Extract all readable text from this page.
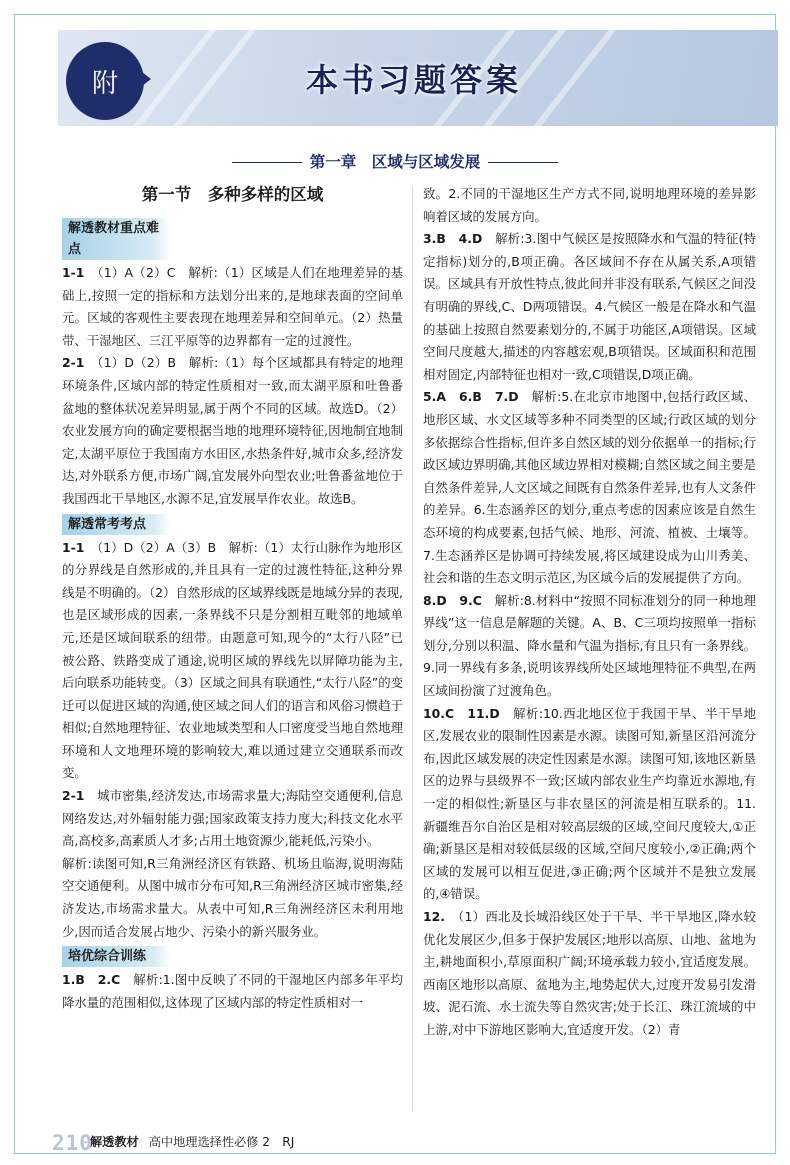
附	本书习题答案
第一章　区域与区域发展
第一节　多种多样的区域
解透教材重点难点
1-1　 （1）A（2）C　 解析:（1）区域是人们在地理差异的基础上,按照一定的指标和方法划分出来的,是地球表面的空间单元。区域的客观性主要表现在地理差异和空间单元。（2）热量带、干湿地区、三江平原等的边界都有一定的过渡性。
2-1　 （1）D（2）B　 解析:（1）每个区域都具有特定的地理环境条件,区域内部的特定性质相对一致,而太湖平原和吐鲁番盆地的整体状况差异明显,属于两个不同的区域。故选D。（2）农业发展方向的确定要根据当地的地理环境特征,因地制宜地制定,太湖平原位于我国南方水田区,水热条件好,城市众多,经济发达,对外联系方便,市场广阔,宜发展外向型农业;吐鲁番盆地位于我国西北干旱地区,水源不足,宜发展旱作农业。故选B。
解透常考考点
1-1　 （1）D（2）A（3）B　 解析:（1）太行山脉作为地形区的分界线是自然形成的,并且具有一定的过渡性特征,这种分界线是不明确的。（2）自然形成的区域界线既是地域分异的表现,也是区域形成的因素,一条界线不只是分割相互毗邻的地域单元,还是区域间联系的纽带。由题意可知,现今的“太行八陉”已被公路、铁路变成了通途,说明区域的界线先以屏障功能为主,后向联系功能转变。（3）区域之间具有联通性,“太行八陉”的变迁可以促进区域的沟通,使区域之间人们的语言和风俗习惯趋于相似;自然地理特征、农业地域类型和人口密度受当地自然地理环境和人文地理环境的影响较大,难以通过建立交通联系而改变。
2-1　 城市密集,经济发达,市场需求量大;海陆空交通便利,信息网络发达,对外辐射能力强;国家政策支持力度大;科技文化水平高,高校多,高素质人才多;占用土地资源少,能耗低,污染小。
解析:读图可知,R三角洲经济区有铁路、机场且临海,说明海陆空交通便利。从图中城市分布可知,R三角洲经济区城市密集,经济发达,市场需求量大。从表中可知,R三角洲经济区未利用地少,因而适合发展占地少、污染小的新兴服务业。
培优综合训练
1.B　2.C　 解析:1.图中反映了不同的干湿地区内部多年平均降水量的范围相似,这体现了区域内部的特定性质相对一
致。2.不同的干湿地区生产方式不同,说明地理环境的差异影响着区域的发展方向。
3.B　4.D　 解析:3.图中气候区是按照降水和气温的特征(特定指标)划分的,B项正确。各区域间不存在从属关系,A项错误。区域具有开放性特点,彼此间并非没有联系,气候区之间没有明确的界线,C、D两项错误。4.气候区一般是在降水和气温的基础上按照自然要素划分的,不属于功能区,A项错误。区域空间尺度越大,描述的内容越宏观,B项错误。区域面积和范围相对固定,内部特征也相对一致,C项错误,D项正确。
5.A　6.B　7.D　 解析:5.在北京市地图中,包括行政区域、地形区域、水文区域等多种不同类型的区域;行政区域的划分多依据综合性指标,但许多自然区域的划分依据单一的指标;行政区域边界明确,其他区域边界相对模糊;自然区域之间主要是自然条件差异,人文区域之间既有自然条件差异,也有人文条件的差异。6.生态涵养区的划分,重点考虑的因素应该是自然生态环境的构成要素,包括气候、地形、河流、植被、土壤等。7.生态涵养区是协调可持续发展,将区域建设成为山川秀美、社会和谐的生态文明示范区,为区域今后的发展提供了方向。
8.D　9.C　 解析:8.材料中“按照不同标准划分的同一种地理界线”这一信息是解题的关键。A、B、C三项均按照单一指标划分,分别以积温、降水量和气温为指标,有且只有一条界线。9.同一界线有多条,说明该界线所处区域地理特征不典型,在两区域间扮演了过渡角色。
10.C　11.D　 解析:10.西北地区位于我国干旱、半干旱地区,发展农业的限制性因素是水源。读图可知,新垦区沿河流分布,因此区域发展的决定性因素是水源。读图可知,该地区新垦区的边界与县级界不一致;区域内部农业生产均靠近水源地,有一定的相似性;新垦区与非农垦区的河流是相互联系的。11.新疆维吾尔自治区是相对较高层级的区域,空间尺度较大,①正确;新垦区是相对较低层级的区域,空间尺度较小,②正确;两个区域的发展可以相互促进,③正确;两个区域并不是独立发展的,④错误。
12.　 （1）西北及长城沿线区处于干旱、半干旱地区,降水较优化发展区少,但多于保护发展区;地形以高原、山地、盆地为主,耕地面积小,草原面积广阔;环境承载力较小,宜适度发展。西南区地形以高原、盆地为主,地势起伏大,过度开发易引发滑坡、泥石流、水土流失等自然灾害;处于长江、珠江流域的中上游,对中下游地区影响大,宜适度开发。（2）青
210
解透教材 高中地理选择性必修 2　RJ
